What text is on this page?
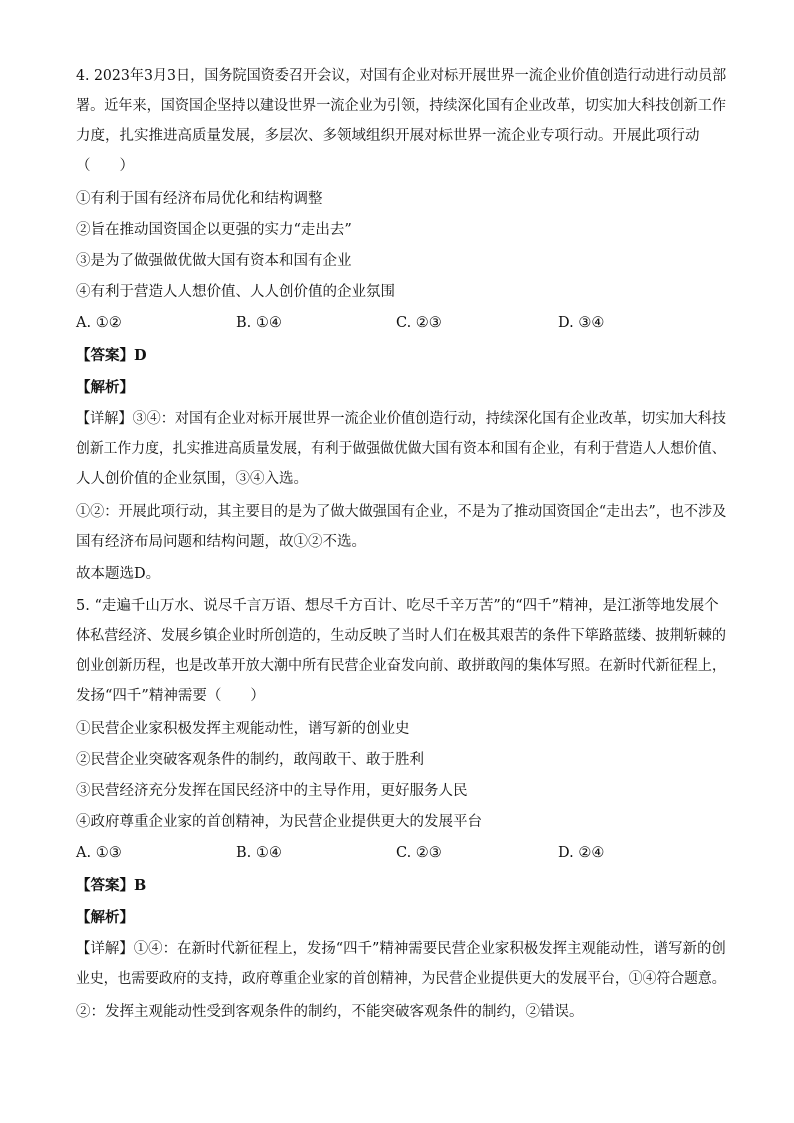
4. 2023年3月3日，国务院国资委召开会议，对国有企业对标开展世界一流企业价值创造行动进行动员部
署。近年来，国资国企坚持以建设世界一流企业为引领，持续深化国有企业改革，切实加大科技创新工作
力度，扎实推进高质量发展，多层次、多领域组织开展对标世界一流企业专项行动。开展此项行动
（　　）
①有利于国有经济布局优化和结构调整
②旨在推动国资国企以更强的实力“走出去”
③是为了做强做优做大国有资本和国有企业
④有利于营造人人想价值、人人创价值的企业氛围
A. ①②	B. ①④	C. ②③	D. ③④
【答案】D
【解析】
【详解】③④：对国有企业对标开展世界一流企业价值创造行动，持续深化国有企业改革，切实加大科技
创新工作力度，扎实推进高质量发展，有利于做强做优做大国有资本和国有企业，有利于营造人人想价值、
人人创价值的企业氛围，③④入选。
①②：开展此项行动，其主要目的是为了做大做强国有企业，不是为了推动国资国企“走出去”，也不涉及
国有经济布局问题和结构问题，故①②不选。
故本题选D。
5. “走遍千山万水、说尽千言万语、想尽千方百计、吃尽千辛万苦”的“四千”精神，是江浙等地发展个
体私营经济、发展乡镇企业时所创造的，生动反映了当时人们在极其艰苦的条件下筚路蓝缕、披荆斩棘的
创业创新历程，也是改革开放大潮中所有民营企业奋发向前、敢拼敢闯的集体写照。在新时代新征程上，
发扬“四千”精神需要（　　）
①民营企业家积极发挥主观能动性，谱写新的创业史
②民营企业突破客观条件的制约，敢闯敢干、敢于胜利
③民营经济充分发挥在国民经济中的主导作用，更好服务人民
④政府尊重企业家的首创精神，为民营企业提供更大的发展平台
A. ①③	B. ①④	C. ②③	D. ②④
【答案】B
【解析】
【详解】①④：在新时代新征程上，发扬“四千”精神需要民营企业家积极发挥主观能动性，谱写新的创
业史，也需要政府的支持，政府尊重企业家的首创精神，为民营企业提供更大的发展平台，①④符合题意。
②：发挥主观能动性受到客观条件的制约，不能突破客观条件的制约，②错误。
